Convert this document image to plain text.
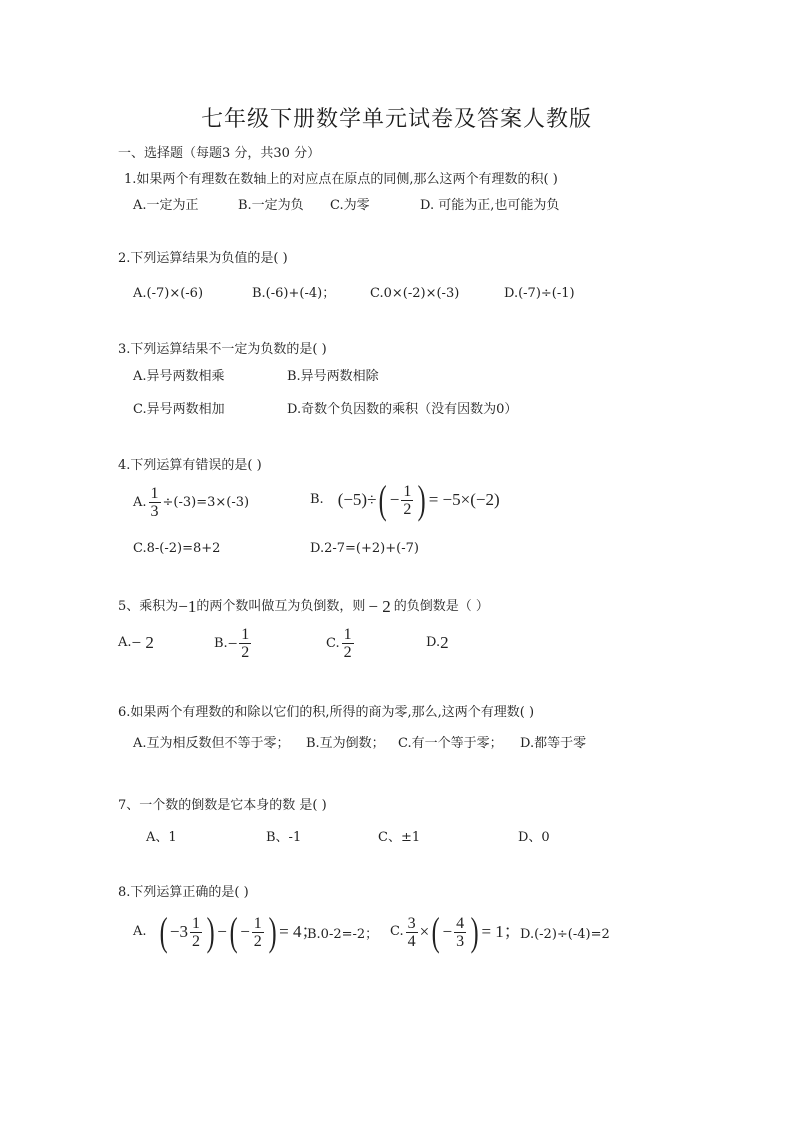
七年级下册数学单元试卷及答案人教版
一、选择题（每题3 分，共30 分）
1.如果两个有理数在数轴上的对应点在原点的同侧,那么这两个有理数的积( )
A.一定为正	B.一定为负 C.为零	D. 可能为正,也可能为负
2.下列运算结果为负值的是( )
A.(-7)×(-6)	B.(-6)+(-4)；	C.0×(-2)×(-3)	D.(-7)÷(-1)
3.下列运算结果不一定为负数的是( )
A.异号两数相乘	B.异号两数相除
C.异号两数相加	D.奇数个负因数的乘积（没有因数为0）
4.下列运算有错误的是( )
A. $\frac{1}{3} \div(-3)=3\times(-3)$	B. (−5)÷ ( − $\frac{1}{2}$ ) = −5×(−2)
C.8-(-2)=8+2	D.2-7=(+2)+(-7)
5、乘积为 −1 的两个数叫做互为负倒数，则 − 2 的负倒数是（ ）
A. − 2	B. − $\frac{1}{2}$	C. $\frac{1}{2}$	D. 2
6.如果两个有理数的和除以它们的积,所得的商为零,那么,这两个有理数( )
A.互为相反数但不等于零； B.互为倒数； C.有一个等于零； D.都等于零
7、一个数的倒数是它本身的数 是( )
A、1	B、-1	C、±1	D、0
8.下列运算正确的是( )
A. ( $-3 \frac{1}{2}$ ) − ( − $\frac{1}{2}$ ) = 4；
B.0-2=-2； C. $\frac{3}{4}$ × ( − $\frac{4}{3}$ ) = 1； D.(-2)÷(-4)=2
